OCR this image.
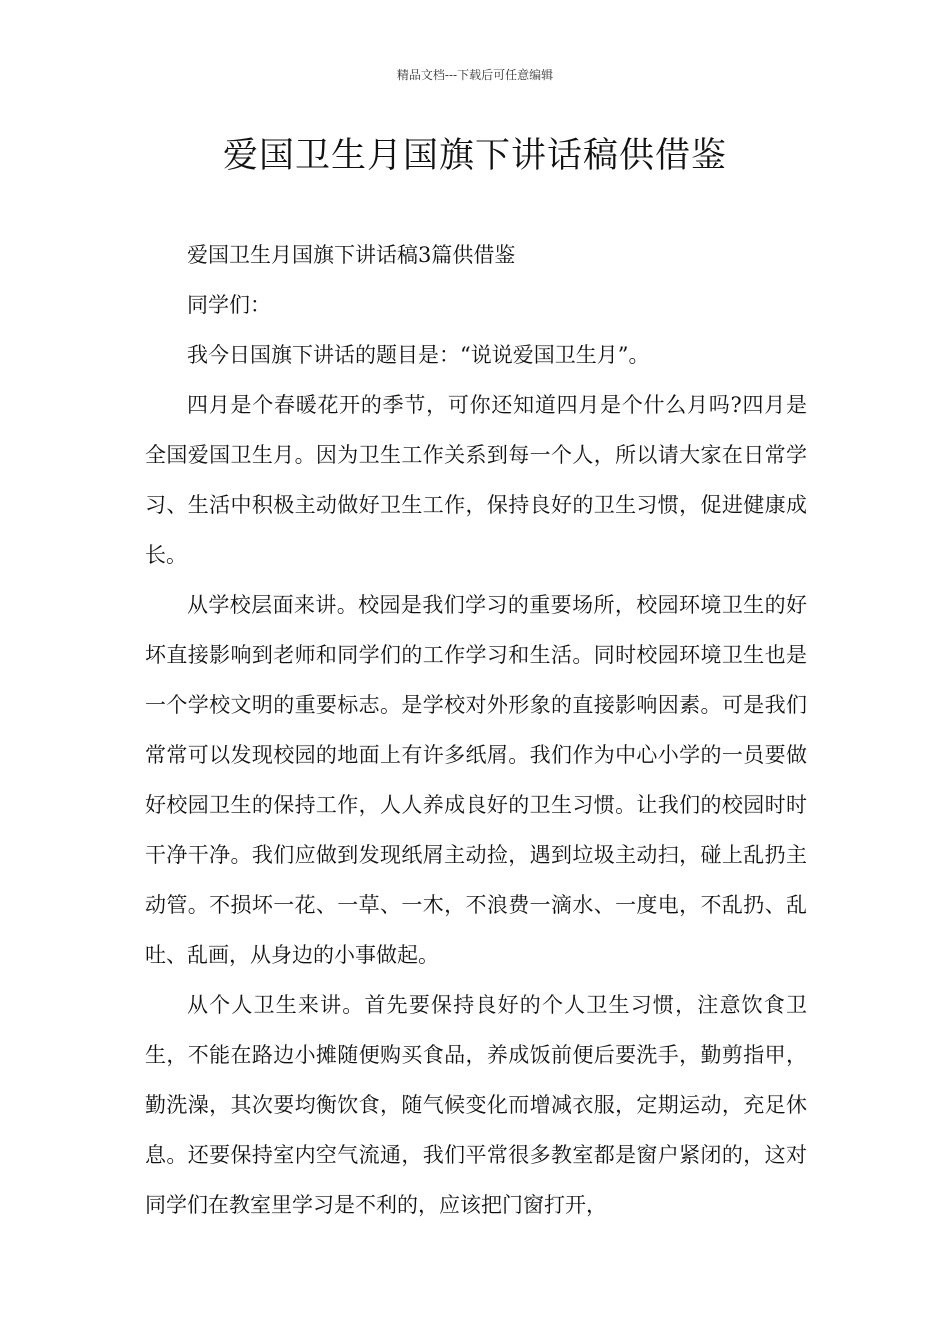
精品文档---下载后可任意编辑
爱国卫生月国旗下讲话稿供借鉴

爱国卫生月国旗下讲话稿3篇供借鉴

同学们：

我今日国旗下讲话的题目是：“说说爱国卫生月”。

四月是个春暖花开的季节，可你还知道四月是个什么月吗?四月是全国爱国卫生月。因为卫生工作关系到每一个人，所以请大家在日常学习、生活中积极主动做好卫生工作，保持良好的卫生习惯，促进健康成长。

从学校层面来讲。校园是我们学习的重要场所，校园环境卫生的好坏直接影响到老师和同学们的工作学习和生活。同时校园环境卫生也是一个学校文明的重要标志。是学校对外形象的直接影响因素。可是我们常常可以发现校园的地面上有许多纸屑。我们作为中心小学的一员要做好校园卫生的保持工作，人人养成良好的卫生习惯。让我们的校园时时干净干净。我们应做到发现纸屑主动捡，遇到垃圾主动扫，碰上乱扔主动管。不损坏一花、一草、一木，不浪费一滴水、一度电，不乱扔、乱吐、乱画，从身边的小事做起。

从个人卫生来讲。首先要保持良好的个人卫生习惯，注意饮食卫生，不能在路边小摊随便购买食品，养成饭前便后要洗手，勤剪指甲，勤洗澡，其次要均衡饮食，随气候变化而增减衣服，定期运动，充足休息。还要保持室内空气流通，我们平常很多教室都是窗户紧闭的，这对同学们在教室里学习是不利的，应该把门窗打开，
